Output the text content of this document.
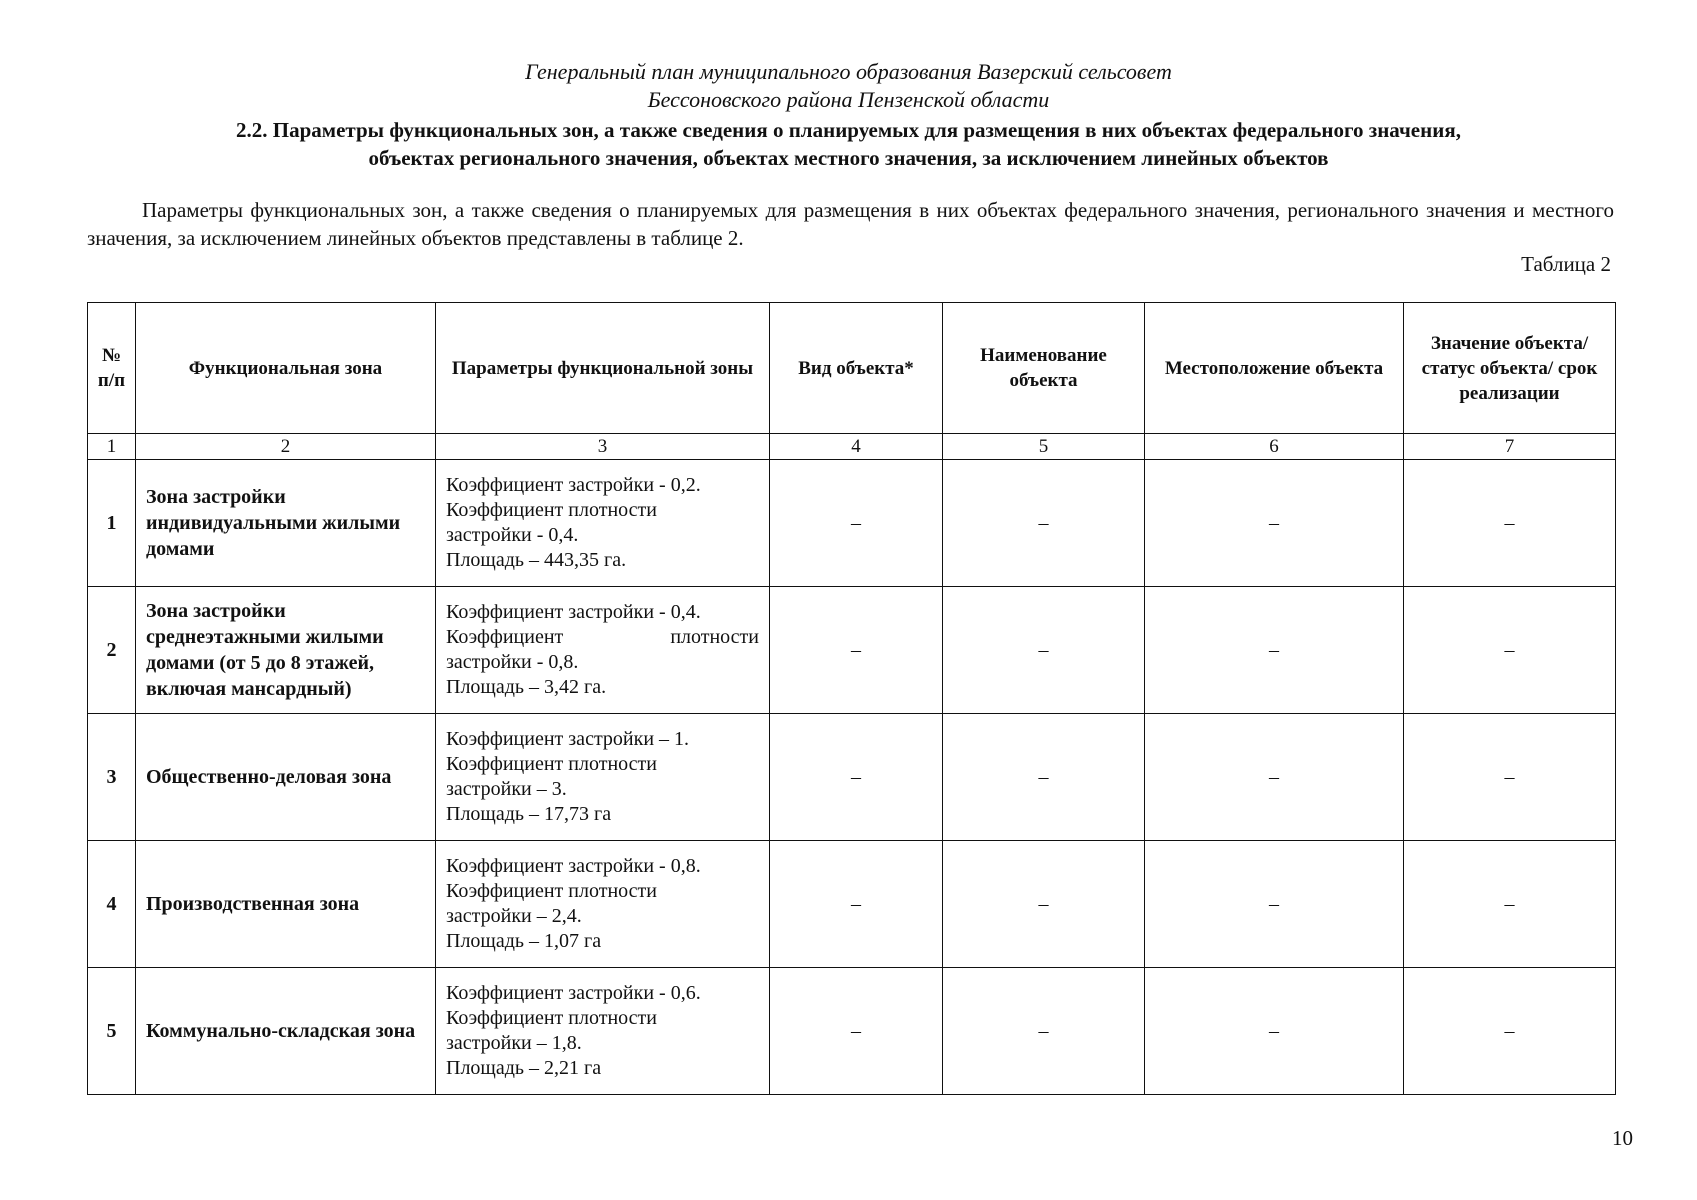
Генеральный план муниципального образования Вазерский сельсовет
Бессоновского района Пензенской области
2.2. Параметры функциональных зон, а также сведения о планируемых для размещения в них объектах федерального значения,
объектах регионального значения, объектах местного значения, за исключением линейных объектов

Параметры функциональных зон, а также сведения о планируемых для размещения в них объектах федерального значения, регионального значения и местного значения, за исключением линейных объектов представлены в таблице 2.

Таблица 2
№ п/п	Функциональная зона	Параметры функциональной зоны	Вид объекта*	Наименование объекта	Местоположение объекта	Значение объекта/ статус объекта/ срок реализации
1	2	3	4	5	6	7
1	Зона застройки индивидуальными жилыми домами	Коэффициент застройки - 0,2.
Коэффициент плотности
застройки - 0,4.
Площадь – 443,35 га.	–	–	–	–
2	Зона застройки среднеэтажными жилыми домами (от 5 до 8 этажей, включая мансардный)	Коэффициент застройки - 0,4.
Коэффициент плотности
застройки - 0,8.
Площадь – 3,42 га.	–	–	–	–
3	Общественно-деловая зона	Коэффициент застройки – 1.
Коэффициент плотности
застройки – 3.
Площадь – 17,73 га	–	–	–	–
4	Производственная зона	Коэффициент застройки - 0,8.
Коэффициент плотности
застройки – 2,4.
Площадь – 1,07 га	–	–	–	–
5	Коммунально-складская зона	Коэффициент застройки - 0,6.
Коэффициент плотности
застройки – 1,8.
Площадь – 2,21 га	–	–	–	–
10
